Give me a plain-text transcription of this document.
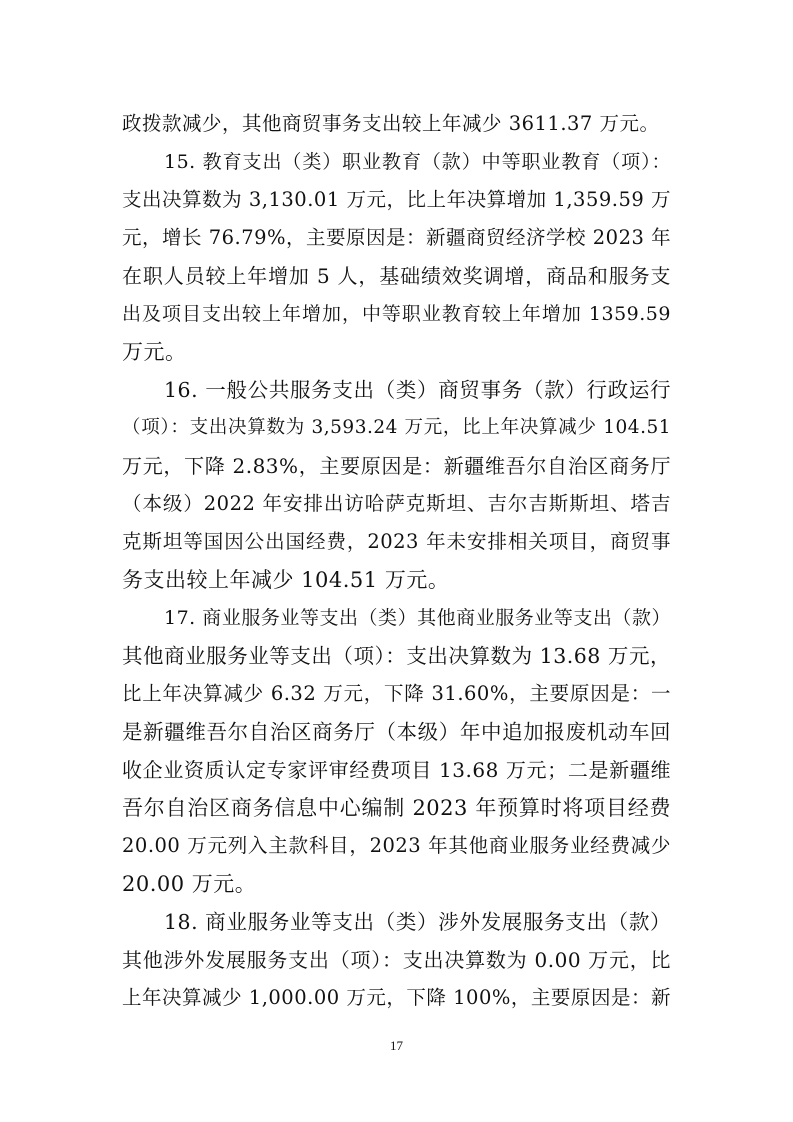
政拨款减少，其他商贸事务支出较上年减少 3611.37 万元。

15. 教育支出（类）职业教育（款）中等职业教育（项）：

支出决算数为 3,130.01 万元，比上年决算增加 1,359.59 万

元，增长 76.79%，主要原因是：新疆商贸经济学校 2023 年

在职人员较上年增加 5 人，基础绩效奖调增，商品和服务支

出及项目支出较上年增加，中等职业教育较上年增加 1359.59

万元。

16. 一般公共服务支出（类）商贸事务（款）行政运行

（项）：支出决算数为 3,593.24 万元，比上年决算减少 104.51

万元，下降 2.83%，主要原因是：新疆维吾尔自治区商务厅

（本级）2022 年安排出访哈萨克斯坦、吉尔吉斯斯坦、塔吉

克斯坦等国因公出国经费，2023 年未安排相关项目，商贸事

务支出较上年减少 104.51 万元。

17. 商业服务业等支出（类）其他商业服务业等支出（款）

其他商业服务业等支出（项）：支出决算数为 13.68 万元，

比上年决算减少 6.32 万元，下降 31.60%，主要原因是：一

是新疆维吾尔自治区商务厅（本级）年中追加报废机动车回

收企业资质认定专家评审经费项目 13.68 万元；二是新疆维

吾尔自治区商务信息中心编制 2023 年预算时将项目经费

20.00 万元列入主款科目，2023 年其他商业服务业经费减少

20.00 万元。

18. 商业服务业等支出（类）涉外发展服务支出（款）

其他涉外发展服务支出（项）：支出决算数为 0.00 万元，比

上年决算减少 1,000.00 万元，下降 100%，主要原因是：新

17
